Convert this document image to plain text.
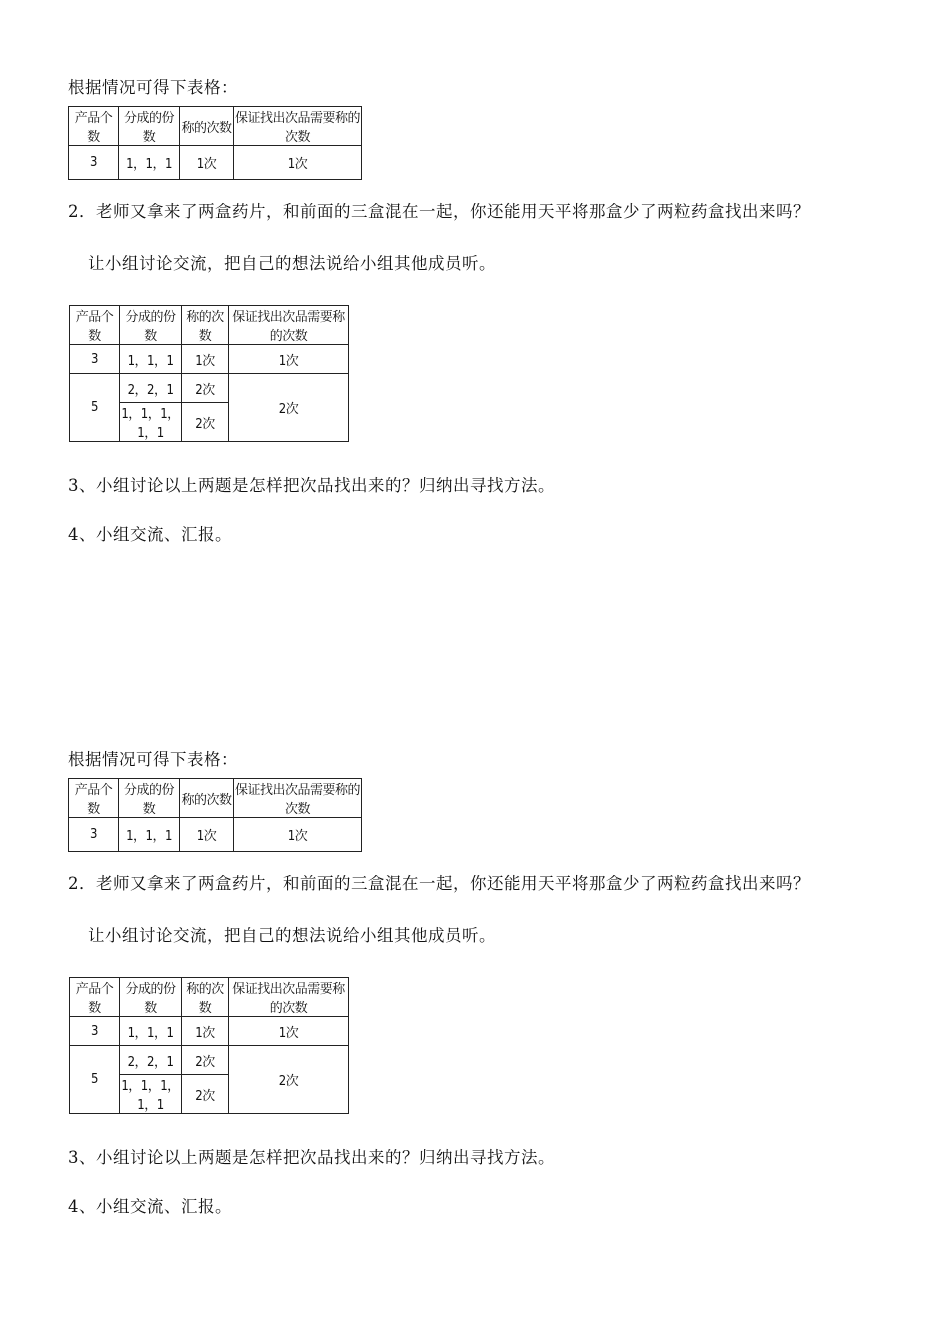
根据情况可得下表格：
产品个数	分成的份数	称的次数	保证找出次品需要称的次数
3	1，1，1	1次	1次
2．老师又拿来了两盒药片，和前面的三盒混在一起，你还能用天平将那盒少了两粒药盒找出来吗？
让小组讨论交流，把自己的想法说给小组其他成员听。
产品个数	分成的份数	称的次数	保证找出次品需要称的次数
3	1，1，1	1次	1次
5	2，2，1	2次	2次
	1，1，1，1，1	2次	
3、小组讨论以上两题是怎样把次品找出来的？归纳出寻找方法。
4、小组交流、汇报。
根据情况可得下表格：
产品个数	分成的份数	称的次数	保证找出次品需要称的次数
3	1，1，1	1次	1次
2．老师又拿来了两盒药片，和前面的三盒混在一起，你还能用天平将那盒少了两粒药盒找出来吗？
让小组讨论交流，把自己的想法说给小组其他成员听。
产品个数	分成的份数	称的次数	保证找出次品需要称的次数
3	1，1，1	1次	1次
5	2，2，1	2次	2次
	1，1，1，1，1	2次	
3、小组讨论以上两题是怎样把次品找出来的？归纳出寻找方法。
4、小组交流、汇报。
